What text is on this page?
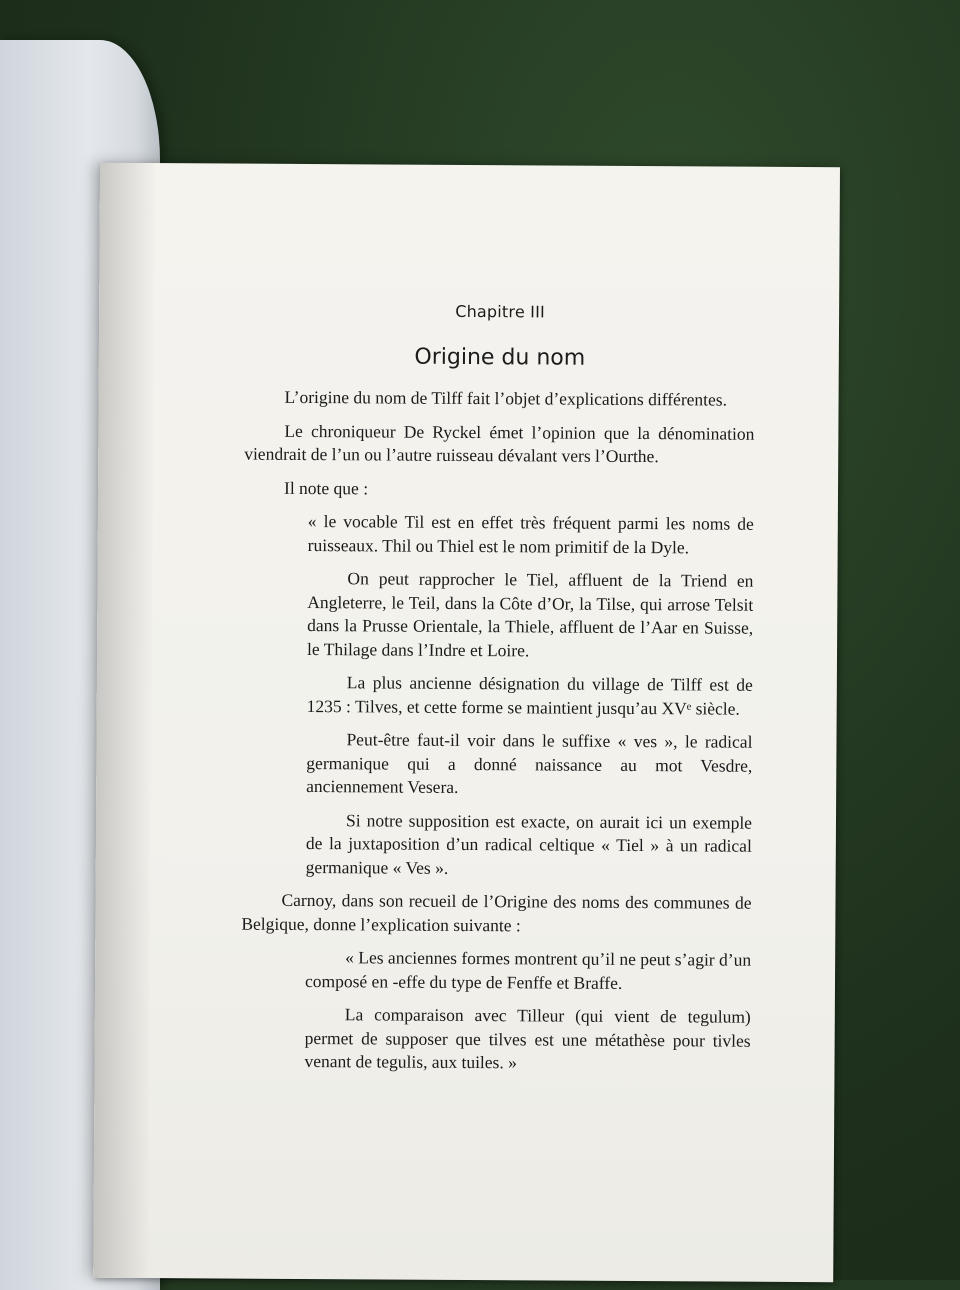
Chapitre III
Origine du nom

L’origine du nom de Tilff fait l’objet d’explications différentes.

Le chroniqueur De Ryckel émet l’opinion que la dénomination viendrait de l’un ou l’autre ruisseau dévalant vers l’Ourthe.

Il note que :

« le vocable Til est en effet très fréquent parmi les noms de ruisseaux. Thil ou Thiel est le nom primitif de la Dyle.

On peut rapprocher le Tiel, affluent de la Triend en Angleterre, le Teil, dans la Côte d’Or, la Tilse, qui arrose Telsit dans la Prusse Orientale, la Thiele, affluent de l’Aar en Suisse, le Thilage dans l’Indre et Loire.

La plus ancienne désignation du village de Tilff est de 1235 : Tilves, et cette forme se maintient jusqu’au XVᵉ siècle.

Peut-être faut-il voir dans le suffixe « ves », le radical germanique qui a donné naissance au mot Vesdre, anciennement Vesera.

Si notre supposition est exacte, on aurait ici un exemple de la juxtaposition d’un radical celtique « Tiel » à un radical germanique « Ves ».

Carnoy, dans son recueil de l’Origine des noms des communes de Belgique, donne l’explication suivante :

« Les anciennes formes montrent qu’il ne peut s’agir d’un composé en -effe du type de Fenffe et Braffe.

La comparaison avec Tilleur (qui vient de tegulum) permet de supposer que tilves est une métathèse pour tivles venant de tegulis, aux tuiles. »
